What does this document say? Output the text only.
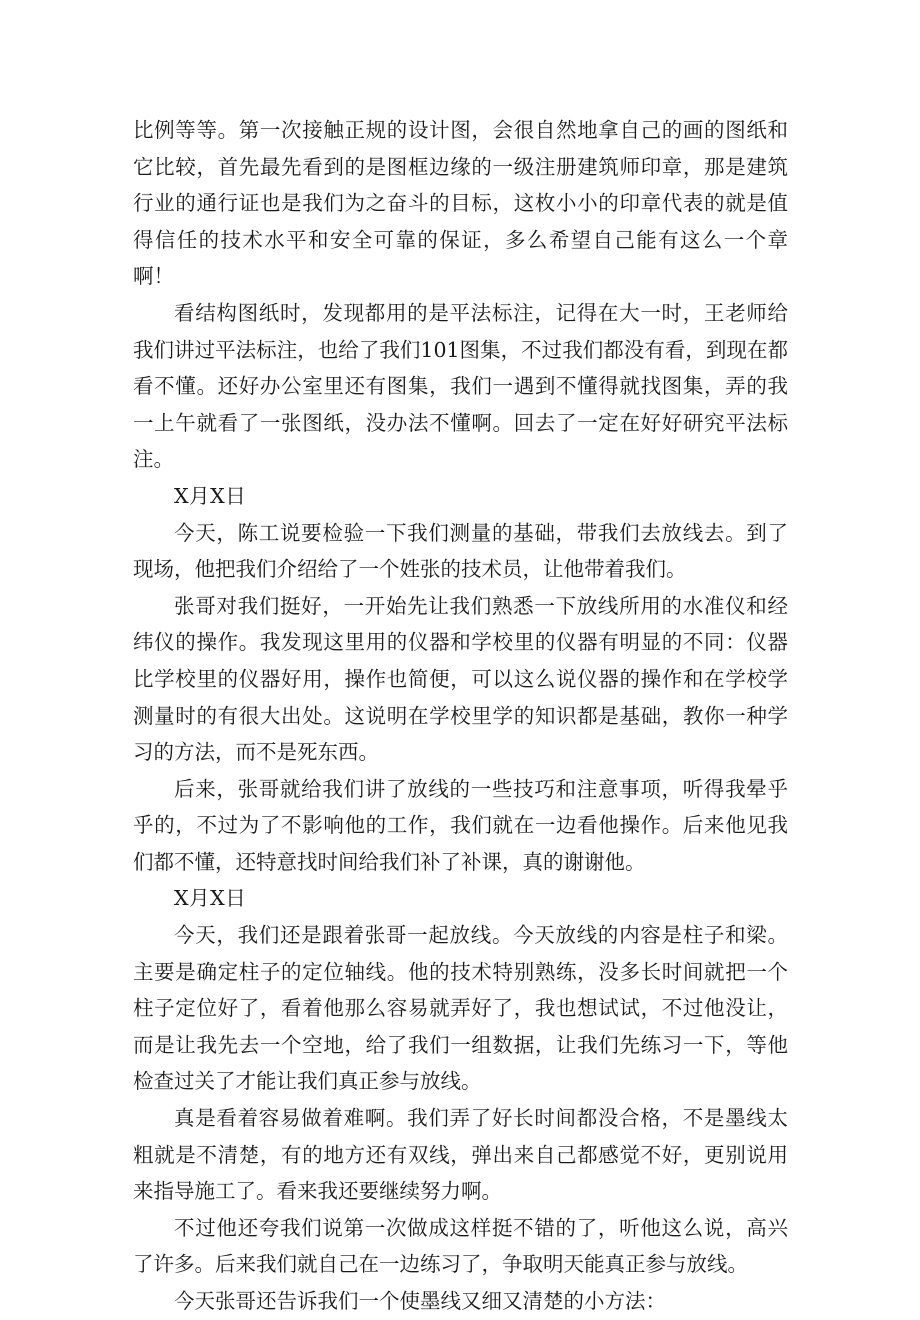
比例等等。第一次接触正规的设计图，会很自然地拿自己的画的图纸和它比较，首先最先看到的是图框边缘的一级注册建筑师印章，那是建筑行业的通行证也是我们为之奋斗的目标，这枚小小的印章代表的就是值得信任的技术水平和安全可靠的保证，多么希望自己能有这么一个章啊！

看结构图纸时，发现都用的是平法标注，记得在大一时，王老师给我们讲过平法标注，也给了我们101图集，不过我们都没有看，到现在都看不懂。还好办公室里还有图集，我们一遇到不懂得就找图集，弄的我一上午就看了一张图纸，没办法不懂啊。回去了一定在好好研究平法标注。

X月X日

今天，陈工说要检验一下我们测量的基础，带我们去放线去。到了现场，他把我们介绍给了一个姓张的技术员，让他带着我们。

张哥对我们挺好，一开始先让我们熟悉一下放线所用的水准仪和经纬仪的操作。我发现这里用的仪器和学校里的仪器有明显的不同：仪器比学校里的仪器好用，操作也简便，可以这么说仪器的操作和在学校学测量时的有很大出处。这说明在学校里学的知识都是基础，教你一种学习的方法，而不是死东西。

后来，张哥就给我们讲了放线的一些技巧和注意事项，听得我晕乎乎的，不过为了不影响他的工作，我们就在一边看他操作。后来他见我们都不懂，还特意找时间给我们补了补课，真的谢谢他。

X月X日

今天，我们还是跟着张哥一起放线。今天放线的内容是柱子和梁。主要是确定柱子的定位轴线。他的技术特别熟练，没多长时间就把一个柱子定位好了，看着他那么容易就弄好了，我也想试试，不过他没让，而是让我先去一个空地，给了我们一组数据，让我们先练习一下，等他检查过关了才能让我们真正参与放线。

真是看着容易做着难啊。我们弄了好长时间都没合格，不是墨线太粗就是不清楚，有的地方还有双线，弹出来自己都感觉不好，更别说用来指导施工了。看来我还要继续努力啊。

不过他还夸我们说第一次做成这样挺不错的了，听他这么说，高兴了许多。后来我们就自己在一边练习了，争取明天能真正参与放线。

今天张哥还告诉我们一个使墨线又细又清楚的小方法：
